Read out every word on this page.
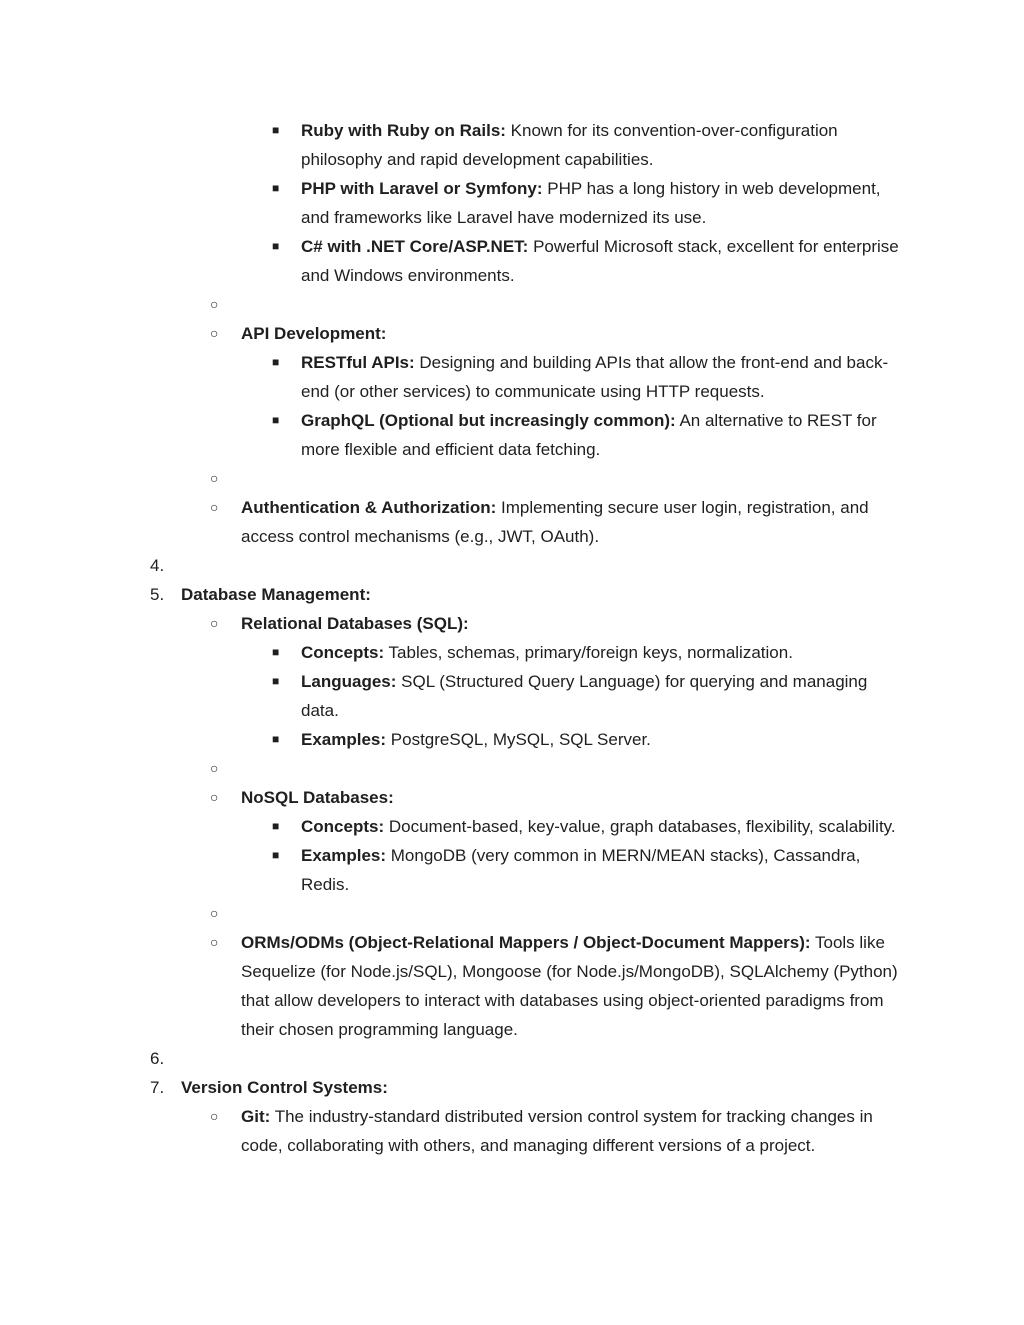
■ Ruby with Ruby on Rails: Known for its convention-over-configuration philosophy and rapid development capabilities.
■ PHP with Laravel or Symfony: PHP has a long history in web development, and frameworks like Laravel have modernized its use.
■ C# with .NET Core/ASP.NET: Powerful Microsoft stack, excellent for enterprise and Windows environments.
○
○ API Development:
■ RESTful APIs: Designing and building APIs that allow the front-end and back-end (or other services) to communicate using HTTP requests.
■ GraphQL (Optional but increasingly common): An alternative to REST for more flexible and efficient data fetching.
○
○ Authentication & Authorization: Implementing secure user login, registration, and access control mechanisms (e.g., JWT, OAuth).
4.
5. Database Management:
○ Relational Databases (SQL):
■ Concepts: Tables, schemas, primary/foreign keys, normalization.
■ Languages: SQL (Structured Query Language) for querying and managing data.
■ Examples: PostgreSQL, MySQL, SQL Server.
○
○ NoSQL Databases:
■ Concepts: Document-based, key-value, graph databases, flexibility, scalability.
■ Examples: MongoDB (very common in MERN/MEAN stacks), Cassandra, Redis.
○
○ ORMs/ODMs (Object-Relational Mappers / Object-Document Mappers): Tools like Sequelize (for Node.js/SQL), Mongoose (for Node.js/MongoDB), SQLAlchemy (Python) that allow developers to interact with databases using object-oriented paradigms from their chosen programming language.
6.
7. Version Control Systems:
○ Git: The industry-standard distributed version control system for tracking changes in code, collaborating with others, and managing different versions of a project.
